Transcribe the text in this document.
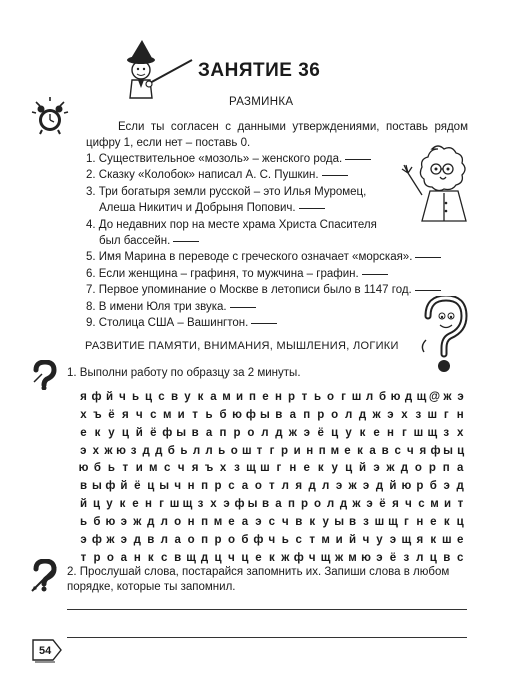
ЗАНЯТИЕ 36
РАЗМИНКА
Если ты согласен с данными утверждениями, поставь рядом цифру 1, если нет – поставь 0.
1. Существительное «мозоль» – женского рода.
2. Сказку «Колобок» написал А. С. Пушкин.
3. Три богатыря земли русской – это Илья Муромец,
Алеша Никитич и Добрыня Попович.
4. До недавних пор на месте храма Христа Спасителя
был бассейн.
5. Имя Марина в переводе с греческого означает «морская».
6. Если женщина – графиня, то мужчина – графин.
7. Первое упоминание о Москве в летописи было в 1147 год.
8. В имени Юля три звука.
9. Столица США – Вашингтон.
РАЗВИТИЕ ПАМЯТИ, ВНИМАНИЯ, МЫШЛЕНИЯ, ЛОГИКИ
1. Выполни работу по образцу за 2 минуты.
я ф й ч ь ц с в у к а м и п е н р т ь о г ш л б ю д щ @ ж э
х ъ ё я ч с м и т ь б ю ф ы в а п р о л д ж э х з ш г н
е к у ц й ё ф ы в а п р о л д ж э ё ц у к е н г ш щ з х
э х ж ю з д д б ь л л ь о ш т г р и н п м е к а в с ч я ф ы ц
ю б ь т и м с ч я ъ х з щ ш г н е к у ц й э ж д о р п а
в ы ф й ё ц ы ч н п р с а о т л я д л э ж э д й ю р б э д
й ц у к е н г ш щ з х э ф ы в а п р о л д ж э ё я ч с м и т
ь б ю э ж д л о н п м е а э с ч в к у ы в з ш щ г н е к ц
э ф ж э д в л а о п р о б ф ч ь с т м и й ч у э щ я к ш е
т р о а н к с в щ д ц ч ц е к ж ф ч щ ж м ю э ё з л ц в с
2. Прослушай слова, постарайся запомнить их. Запиши слова в любом порядке, которые ты запомнил.
54
